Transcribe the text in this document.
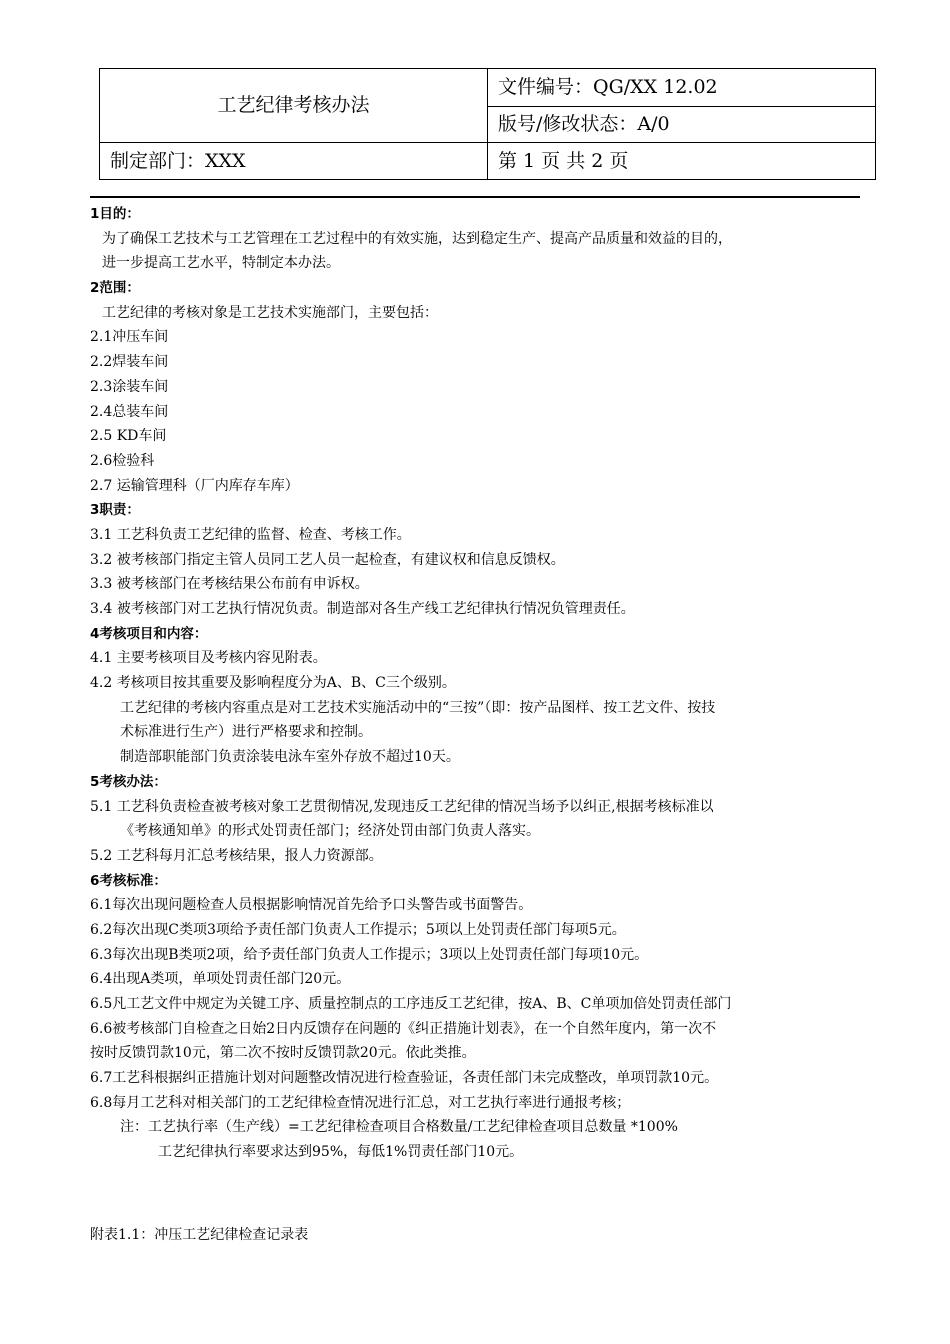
工艺纪律考核办法	文件编号：QG/XX 12.02
	版号/修改状态：A/0
制定部门：XXX	第 1 页 共 2 页
1目的：
为了确保工艺技术与工艺管理在工艺过程中的有效实施，达到稳定生产、提高产品质量和效益的目的，
进一步提高工艺水平，特制定本办法。
2范围：
工艺纪律的考核对象是工艺技术实施部门，主要包括：
2.1冲压车间
2.2焊装车间
2.3涂装车间
2.4总装车间
2.5 KD车间
2.6检验科
2.7 运输管理科（厂内库存车库）
3职责：
3.1 工艺科负责工艺纪律的监督、检查、考核工作。
3.2 被考核部门指定主管人员同工艺人员一起检查，有建议权和信息反馈权。
3.3 被考核部门在考核结果公布前有申诉权。
3.4 被考核部门对工艺执行情况负责。制造部对各生产线工艺纪律执行情况负管理责任。
4考核项目和内容：
4.1 主要考核项目及考核内容见附表。
4.2 考核项目按其重要及影响程度分为A、B、C三个级别。
工艺纪律的考核内容重点是对工艺技术实施活动中的“三按”（即：按产品图样、按工艺文件、按技
术标准进行生产）进行严格要求和控制。
制造部职能部门负责涂装电泳车室外存放不超过10天。
5考核办法：
5.1 工艺科负责检查被考核对象工艺贯彻情况,发现违反工艺纪律的情况当场予以纠正,根据考核标准以
《考核通知单》的形式处罚责任部门；经济处罚由部门负责人落实。
5.2 工艺科每月汇总考核结果，报人力资源部。
6考核标准：
6.1每次出现问题检查人员根据影响情况首先给予口头警告或书面警告。
6.2每次出现C类项3项给予责任部门负责人工作提示；5项以上处罚责任部门每项5元。
6.3每次出现B类项2项，给予责任部门负责人工作提示；3项以上处罚责任部门每项10元。
6.4出现A类项，单项处罚责任部门20元。
6.5凡工艺文件中规定为关键工序、质量控制点的工序违反工艺纪律，按A、B、C单项加倍处罚责任部门
6.6被考核部门自检查之日始2日内反馈存在问题的《纠正措施计划表》，在一个自然年度内，第一次不
按时反馈罚款10元，第二次不按时反馈罚款20元。依此类推。
6.7工艺科根据纠正措施计划对问题整改情况进行检查验证，各责任部门未完成整改，单项罚款10元。
6.8每月工艺科对相关部门的工艺纪律检查情况进行汇总，对工艺执行率进行通报考核；
注：工艺执行率（生产线）=工艺纪律检查项目合格数量/工艺纪律检查项目总数量 *100%
工艺纪律执行率要求达到95%，每低1%罚责任部门10元。
附表1.1：冲压工艺纪律检查记录表
